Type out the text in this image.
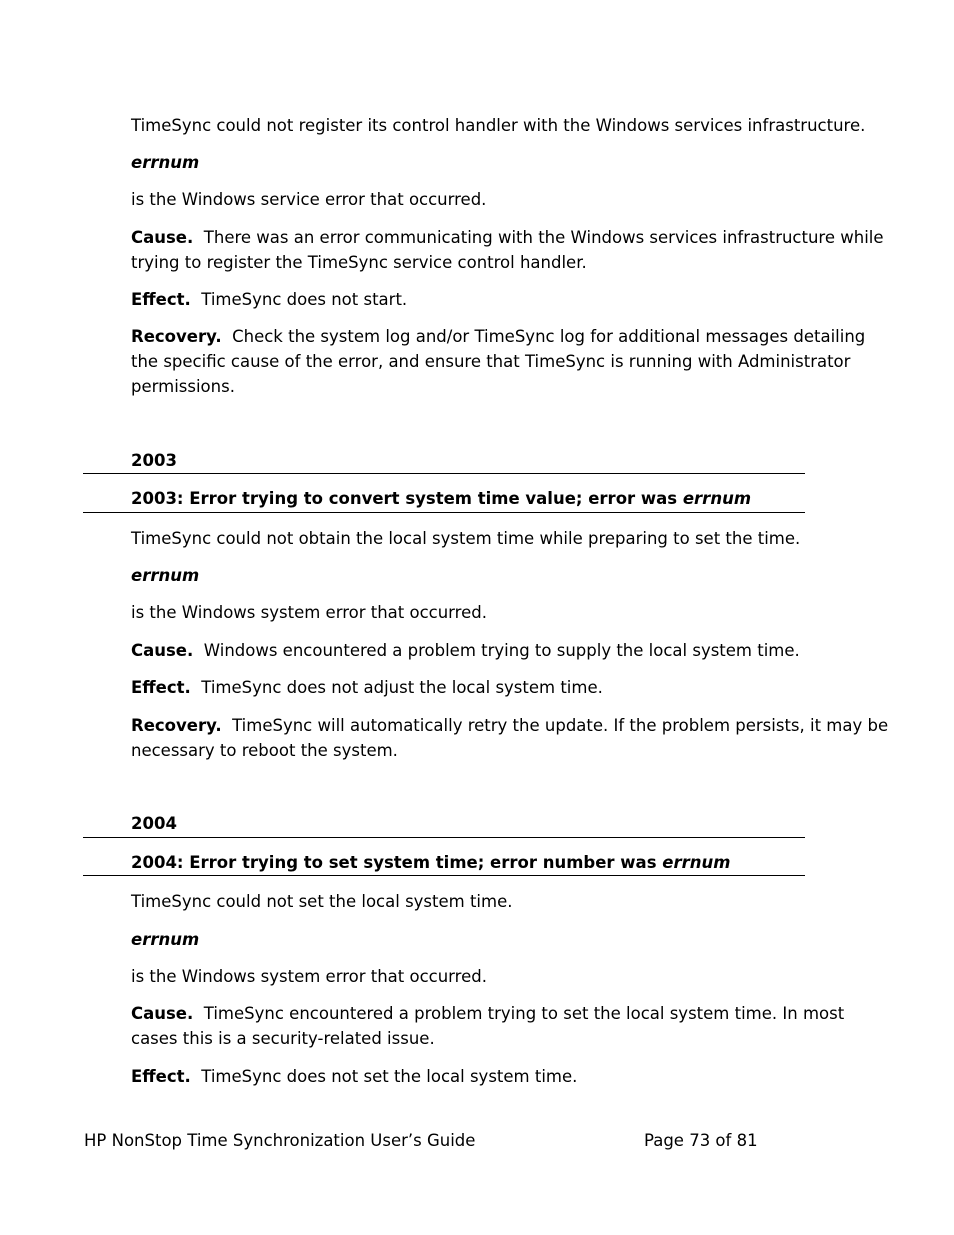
TimeSync could not register its control handler with the Windows services infrastructure.

errnum

is the Windows service error that occurred.

Cause. There was an error communicating with the Windows services infrastructure while trying to register the TimeSync service control handler.

Effect. TimeSync does not start.

Recovery. Check the system log and/or TimeSync log for additional messages detailing the specific cause of the error, and ensure that TimeSync is running with Administrator permissions.

2003
2003: Error trying to convert system time value; error was errnum

TimeSync could not obtain the local system time while preparing to set the time.

errnum

is the Windows system error that occurred.

Cause. Windows encountered a problem trying to supply the local system time.

Effect. TimeSync does not adjust the local system time.

Recovery. TimeSync will automatically retry the update. If the problem persists, it may be necessary to reboot the system.

2004
2004: Error trying to set system time; error number was errnum

TimeSync could not set the local system time.

errnum

is the Windows system error that occurred.

Cause. TimeSync encountered a problem trying to set the local system time. In most cases this is a security-related issue.

Effect. TimeSync does not set the local system time.

HP NonStop Time Synchronization User’s Guide	Page 73 of 81
